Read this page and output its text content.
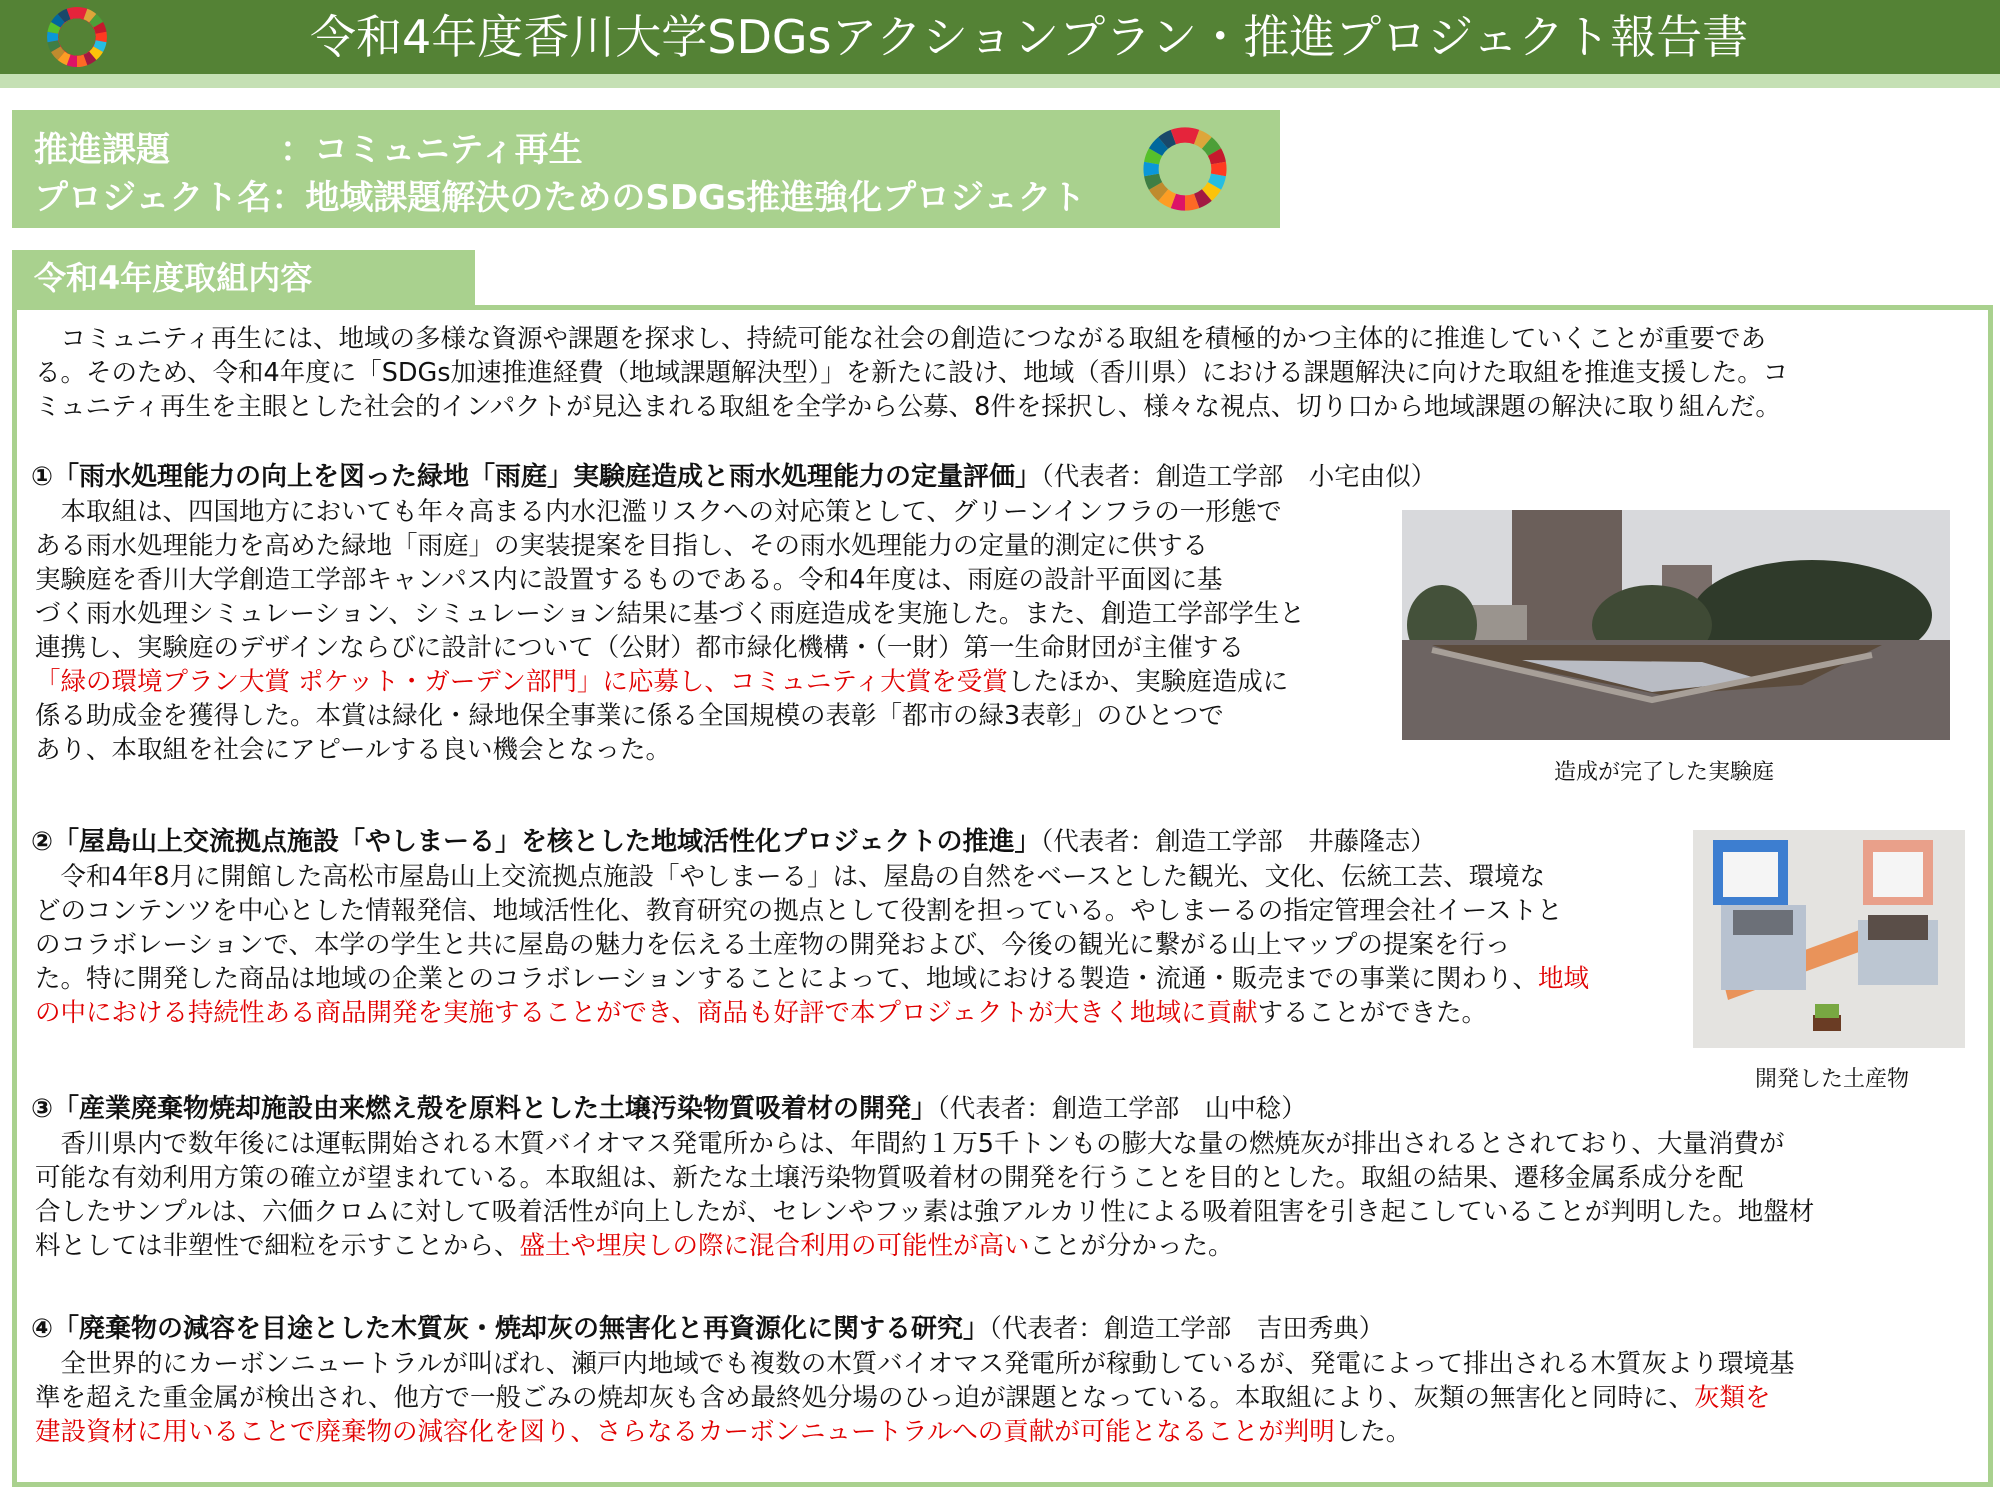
令和4年度香川大学SDGsアクションプラン・推進プロジェクト報告書
推進課題	：コミュニティ再生
プロジェクト名：地域課題解決のためのSDGs推進強化プロジェクト
令和4年度取組内容
　コミュニティ再生には、地域の多様な資源や課題を探求し、持続可能な社会の創造につながる取組を積極的かつ主体的に推進していくことが重要であ
る。そのため、令和4年度に「SDGs加速推進経費（地域課題解決型）」を新たに設け、地域（香川県）における課題解決に向けた取組を推進支援した。コ
ミュニティ再生を主眼とした社会的インパクトが見込まれる取組を全学から公募、8件を採択し、様々な視点、切り口から地域課題の解決に取り組んだ。
①「雨水処理能力の向上を図った緑地「雨庭」実験庭造成と雨水処理能力の定量評価」（代表者：創造工学部　小宅由似）
　本取組は、四国地方においても年々高まる内水氾濫リスクへの対応策として、グリーンインフラの一形態で
ある雨水処理能力を高めた緑地「雨庭」の実装提案を目指し、その雨水処理能力の定量的測定に供する
実験庭を香川大学創造工学部キャンパス内に設置するものである。令和4年度は、雨庭の設計平面図に基
づく雨水処理シミュレーション、シミュレーション結果に基づく雨庭造成を実施した。また、創造工学部学生と
連携し、実験庭のデザインならびに設計について（公財）都市緑化機構・（一財）第一生命財団が主催する
「緑の環境プラン大賞 ポケット・ガーデン部門」に応募し、コミュニティ大賞を受賞したほか、実験庭造成に
係る助成金を獲得した。本賞は緑化・緑地保全事業に係る全国規模の表彰「都市の緑3表彰」のひとつで
あり、本取組を社会にアピールする良い機会となった。
造成が完了した実験庭
②「屋島山上交流拠点施設「やしまーる」を核とした地域活性化プロジェクトの推進」（代表者：創造工学部　井藤隆志）
　令和4年8月に開館した高松市屋島山上交流拠点施設「やしまーる」は、屋島の自然をベースとした観光、文化、伝統工芸、環境な
どのコンテンツを中心とした情報発信、地域活性化、教育研究の拠点として役割を担っている。やしまーるの指定管理会社イーストと
のコラボレーションで、本学の学生と共に屋島の魅力を伝える土産物の開発および、今後の観光に繋がる山上マップの提案を行っ
た。特に開発した商品は地域の企業とのコラボレーションすることによって、地域における製造・流通・販売までの事業に関わり、地域
の中における持続性ある商品開発を実施することができ、商品も好評で本プロジェクトが大きく地域に貢献することができた。
開発した土産物
③「産業廃棄物焼却施設由来燃え殻を原料とした土壌汚染物質吸着材の開発」（代表者：創造工学部　山中稔）
　香川県内で数年後には運転開始される木質バイオマス発電所からは、年間約１万5千トンもの膨大な量の燃焼灰が排出されるとされており、大量消費が
可能な有効利用方策の確立が望まれている。本取組は、新たな土壌汚染物質吸着材の開発を行うことを目的とした。取組の結果、遷移金属系成分を配
合したサンプルは、六価クロムに対して吸着活性が向上したが、セレンやフッ素は強アルカリ性による吸着阻害を引き起こしていることが判明した。地盤材
料としては非塑性で細粒を示すことから、盛土や埋戻しの際に混合利用の可能性が高いことが分かった。
④「廃棄物の減容を目途とした木質灰・焼却灰の無害化と再資源化に関する研究」（代表者：創造工学部　吉田秀典）
　全世界的にカーボンニュートラルが叫ばれ、瀬戸内地域でも複数の木質バイオマス発電所が稼動しているが、発電によって排出される木質灰より環境基
準を超えた重金属が検出され、他方で一般ごみの焼却灰も含め最終処分場のひっ迫が課題となっている。本取組により、灰類の無害化と同時に、灰類を
建設資材に用いることで廃棄物の減容化を図り、さらなるカーボンニュートラルへの貢献が可能となることが判明した。
